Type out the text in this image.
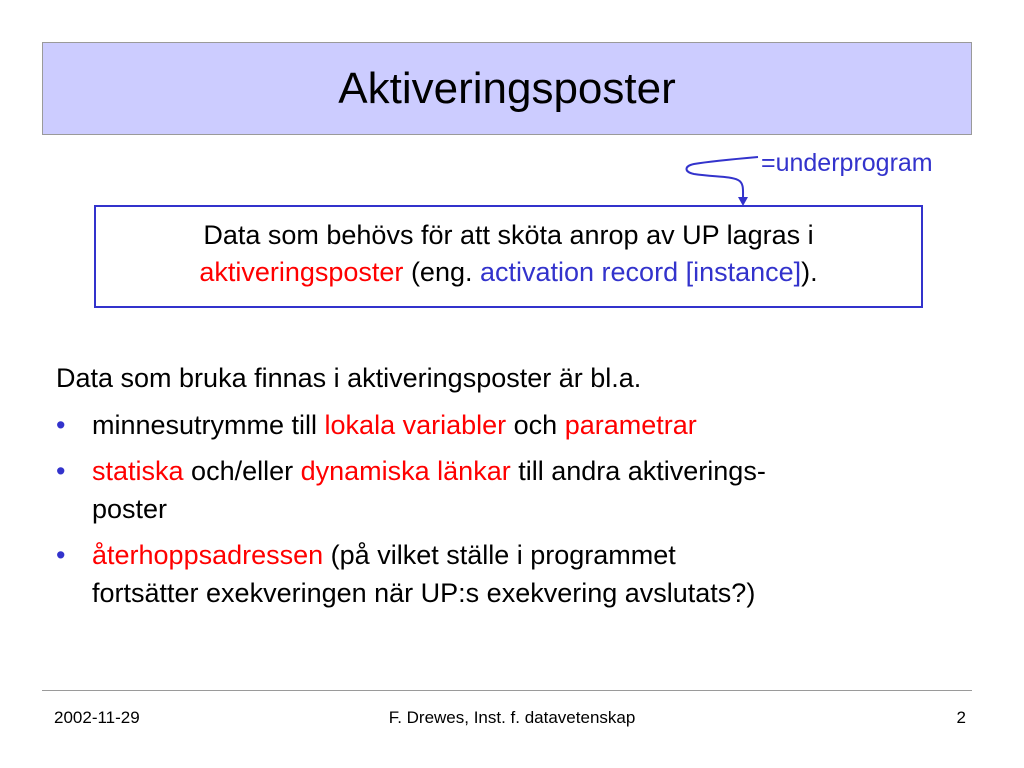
Aktiveringsposter
=underprogram
Data som behövs för att sköta anrop av UP lagras i
aktiveringsposter (eng. activation record [instance]).
Data som bruka finnas i aktiveringsposter är bl.a.
• minnesutrymme till lokala variabler och parametrar
• statiska och/eller dynamiska länkar till andra aktiverings-
poster
• återhoppsadressen (på vilket ställe i programmet
fortsätter exekveringen när UP:s exekvering avslutats?)
2002-11-29	F. Drewes, Inst. f. datavetenskap	2
